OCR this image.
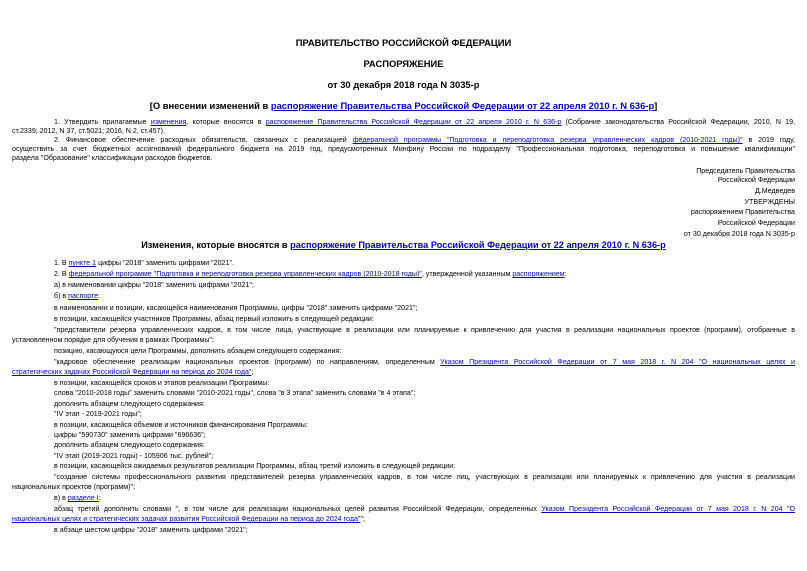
ПРАВИТЕЛЬСТВО РОССИЙСКОЙ ФЕДЕРАЦИИ
РАСПОРЯЖЕНИЕ
от 30 декабря 2018 года N 3035-р
[О внесении изменений в распоряжение Правительства Российской Федерации от 22 апреля 2010 г. N 636-р]
1. Утвердить прилагаемые изменения, которые вносятся в распоряжение Правительства Российской Федерации от 22 апреля 2010 г. N 636-р (Собрание законодательства Российской Федерации, 2010, N 19,
ст.2339; 2012, N 37, ст.5021; 2016, N 2, ст.457).
2. Финансовое обеспечение расходных обязательств, связанных с реализацией федеральной программы "Подготовка и переподготовка резерва управленческих кадров (2010-2021 годы)" в 2019 году,
осуществить за счет бюджетных ассигнований федерального бюджета на 2019 год, предусмотренных Минфину России по подразделу "Профессиональная подготовка, переподготовка и повышение квалификации"
раздела "Образование" классификации расходов бюджетов.
Председатель Правительства
Российской Федерации
Д.Медведев
УТВЕРЖДЕНЫ
распоряжением Правительства
Российской Федерации
от 30 декабря 2018 года N 3035-р
Изменения, которые вносятся в распоряжение Правительства Российской Федерации от 22 апреля 2010 г. N 636-р
1. В пункте 1 цифры "2018" заменить цифрами "2021".
2. В федеральной программе "Подготовка и переподготовка резерва управленческих кадров (2010-2018 годы)", утвержденной указанным распоряжением:
а) в наименовании цифры "2018" заменить цифрами "2021";
б) в паспорте:
в наименовании и позиции, касающейся наименования Программы, цифры "2018" заменить цифрами "2021";
в позиции, касающейся участников Программы, абзац первый изложить в следующей редакции:
"представители резерва управленческих кадров, в том числе лица, участвующие в реализации или планируемые к привлечению для участия в реализации национальных проектов (программ), отобранные в
установленном порядке для обучения в рамках Программы";
позицию, касающуюся цели Программы, дополнить абзацем следующего содержания:
"кадровое обеспечение реализации национальных проектов (программ) по направлениям, определенным Указом Президента Российской Федерации от 7 мая 2018 г. N 204 "О национальных целях и
стратегических задачах Российской Федерации на период до 2024 года";
в позиции, касающейся сроков и этапов реализации Программы:
слова "2010-2018 годы" заменить словами "2010-2021 годы", слова "в 3 этапа" заменить словами "в 4 этапа";
дополнить абзацем следующего содержания:
"IV этап - 2019-2021 годы";
в позиции, касающейся объемов и источников финансирования Программы:
цифры "590730" заменить цифрами "696636";
дополнить абзацем следующего содержания:
"IV этап (2019-2021 годы) - 105906 тыс. рублей";
в позиции, касающейся ожидаемых результатов реализации Программы, абзац третий изложить в следующей редакции:
"создание системы профессионального развития представителей резерва управленческих кадров, в том числе лиц, участвующих в реализации или планируемых к привлечению для участия в реализации
национальных проектов (программ)";
в) в разделе I:
абзац третий дополнить словами ", в том числе для реализации национальных целей развития Российской Федерации, определенных Указом Президента Российской Федерации от 7 мая 2018 г. N 204 "О
национальных целях и стратегических задачах развития Российской Федерации на период до 2024 года"";
в абзаце шестом цифры "2018" заменить цифрами "2021";
